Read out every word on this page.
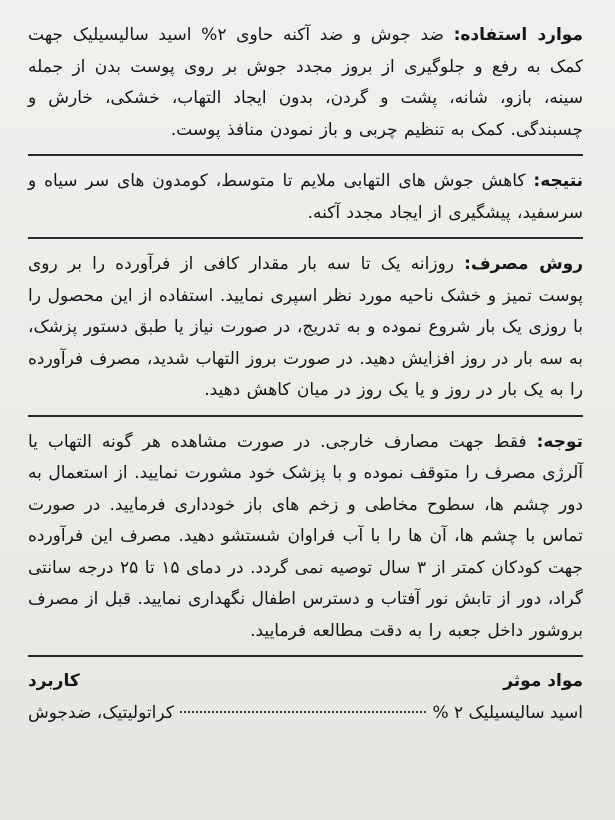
موارد استفاده: ضد جوش و ضد آکنه حاوی ۲% اسید سالیسیلیک جهت کمک به رفع و جلوگیری از بروز مجدد جوش بر روی پوست بدن از جمله سینه، بازو، شانه، پشت و گردن، بدون ایجاد التهاب، خشکی، خارش و چسبندگی. کمک به تنظیم چربی و باز نمودن منافذ پوست.

نتیجه: کاهش جوش های التهابی ملایم تا متوسط، کومدون های سر سیاه و سرسفید، پیشگیری از ایجاد مجدد آکنه.

روش مصرف: روزانه یک تا سه بار مقدار کافی از فرآورده را بر روی پوست تمیز و خشک ناحیه مورد نظر اسپری نمایید. استفاده از این محصول را با روزی یک بار شروع نموده و به تدریج، در صورت نیاز یا طبق دستور پزشک، به سه بار در روز افزایش دهید. در صورت بروز التهاب شدید، مصرف فرآورده را به یک بار در روز و یا یک روز در میان کاهش دهید.

توجه: فقط جهت مصارف خارجی. در صورت مشاهده هر گونه التهاب یا آلرژی مصرف را متوقف نموده و با پزشک خود مشورت نمایید. از استعمال به دور چشم ها، سطوح مخاطی و زخم های باز خودداری فرمایید. در صورت تماس با چشم ها، آن ها را با آب فراوان شستشو دهید. مصرف این فرآورده جهت کودکان کمتر از ۳ سال توصیه نمی گردد. در دمای ۱۵ تا ۲۵ درجه سانتی گراد، دور از تابش نور آفتاب و دسترس اطفال نگهداری نمایید. قبل از مصرف بروشور داخل جعبه را به دقت مطالعه فرمایید.

مواد موثر
کاربرد
اسید سالیسیلیک ۲ %
کراتولیتیک، ضدجوش
